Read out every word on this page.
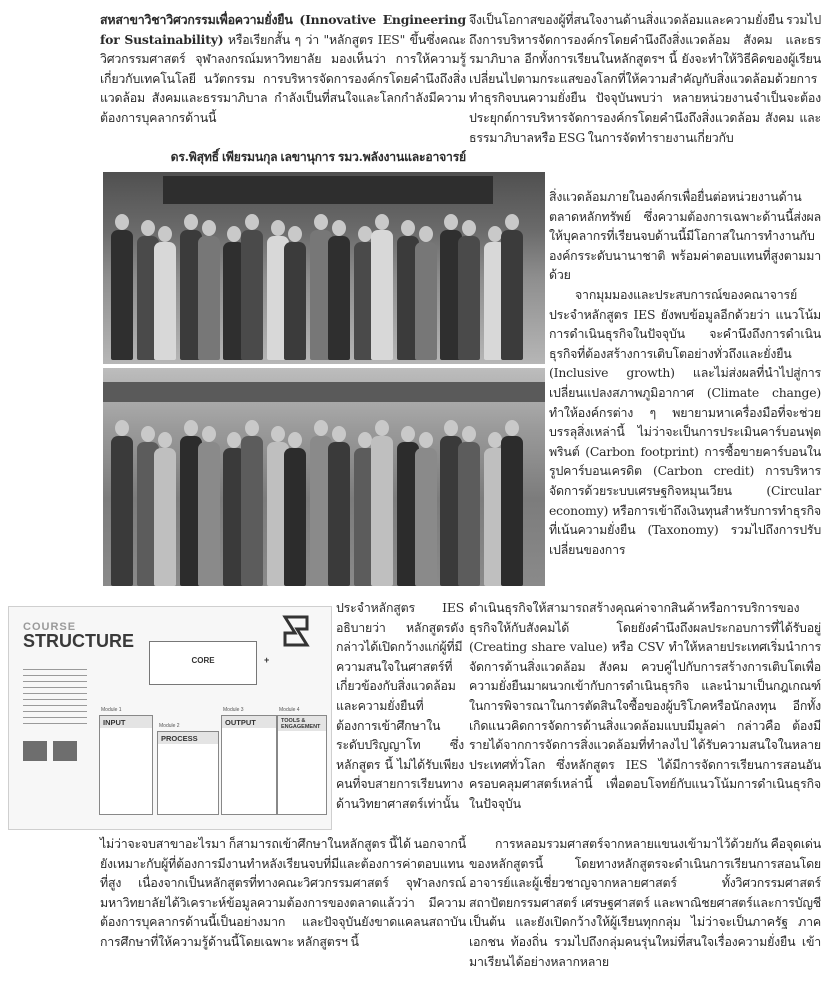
สหสาขาวิชาวิศวกรรมเพื่อความยั่งยืน (Innovative Engineering for Sustainability) หรือเรียกสั้น ๆ ว่า "หลักสูตร IES" ขึ้นซึ่งคณะวิศวกรรมศาสตร์ จุฬาลงกรณ์มหาวิทยาลัย มองเห็นว่า การให้ความรู้เกี่ยวกับเทคโนโลยี นวัตกรรม การบริหารจัดการองค์กรโดยคำนึงถึงสิ่งแวดล้อม สังคมและธรรมาภิบาล กำลังเป็นที่สนใจและโลกกำลังมีความต้องการบุคลากรด้านนี้

ดร.พิสุทธิ์ เพียรมนกุล เลขานุการ รมว.พลังงานและอาจารย์
จึงเป็นโอกาสของผู้ที่สนใจงานด้านสิ่งแวดล้อมและความยั่งยืน รวมไปถึงการบริหารจัดการองค์กรโดยคำนึงถึงสิ่งแวดล้อม สังคม และธรรมาภิบาล อีกทั้งการเรียนในหลักสูตรฯ นี้ ยังจะทำให้วิธีคิดของผู้เรียนเปลี่ยนไปตามกระแสของโลกที่ให้ความสำคัญกับสิ่งแวดล้อมด้วยการทำธุรกิจบนความยั่งยืน ปัจจุบันพบว่า หลายหน่วยงานจำเป็นจะต้องประยุกต์การบริหารจัดการองค์กรโดยคำนึงถึงสิ่งแวดล้อม สังคม และธรรมาภิบาลหรือ ESG ในการจัดทำรายงานเกี่ยวกับ
สิ่งแวดล้อมภายในองค์กรเพื่อยื่นต่อหน่วยงานด้านตลาดหลักทรัพย์ ซึ่งความต้องการเฉพาะด้านนี้ส่งผลให้บุคลากรที่เรียนจบด้านนี้มีโอกาสในการทำงานกับองค์กรระดับนานาชาติ พร้อมค่าตอบแทนที่สูงตามมาด้วย
จากมุมมองและประสบการณ์ของคณาจารย์ประจำหลักสูตร IES ยังพบข้อมูลอีกด้วยว่า แนวโน้มการดำเนินธุรกิจในปัจจุบัน จะคำนึงถึงการดำเนินธุรกิจที่ต้องสร้างการเติบโตอย่างทั่วถึงและยั่งยืน (Inclusive growth) และไม่ส่งผลที่นำไปสู่การเปลี่ยนแปลงสภาพภูมิอากาศ (Climate change) ทำให้องค์กรต่าง ๆ พยายามหาเครื่องมือที่จะช่วยบรรลุสิ่งเหล่านี้ ไม่ว่าจะเป็นการประเมินคาร์บอนฟุตพรินต์ (Carbon footprint) การซื้อขายคาร์บอนในรูปคาร์บอนเครดิต (Carbon credit) การบริหารจัดการด้วยระบบเศรษฐกิจหมุนเวียน (Circular economy) หรือการเข้าถึงเงินทุนสำหรับการทำธุรกิจที่เน้นความยั่งยืน (Taxonomy) รวมไปถึงการปรับเปลี่ยนของการ
COURSE
STRUCTURE
CORE	+
Module 1
INPUT	Module 2
PROCESS
Module 3
OUTPUT
Module 4
TOOLS & ENGAGEMENT
ประจำหลักสูตร IES อธิบายว่า หลักสูตรดังกล่าวได้เปิดกว้างแก่ผู้ที่มีความสนใจในศาสตร์ที่เกี่ยวข้องกับสิ่งแวดล้อมและความยั่งยืนที่ต้องการเข้าศึกษาในระดับปริญญาโท ซึ่งหลักสูตร นี้ ไม่ได้รับเพียงคนที่จบสายการเรียนทางด้านวิทยาศาสตร์เท่านั้น
ดำเนินธุรกิจให้สามารถสร้างคุณค่าจากสินค้าหรือการบริการของธุรกิจให้กับสังคมได้ โดยยังคำนึงถึงผลประกอบการที่ได้รับอยู่ (Creating share value) หรือ CSV ทำให้หลายประเทศเริ่มนำการจัดการด้านสิ่งแวดล้อม สังคม ควบคู่ไปกับการสร้างการเติบโตเพื่อความยั่งยืนมาผนวกเข้ากับการดำเนินธุรกิจ และนำมาเป็นกฎเกณฑ์ในการพิจารณาในการตัดสินใจซื้อของผู้บริโภคหรือนักลงทุน อีกทั้งเกิดแนวคิดการจัดการด้านสิ่งแวดล้อมแบบมีมูลค่า กล่าวคือ ต้องมีรายได้จากการจัดการสิ่งแวดล้อมที่ทำลงไป ได้รับความสนใจในหลายประเทศทั่วโลก ซึ่งหลักสูตร IES ได้มีการจัดการเรียนการสอนอันครอบคลุมศาสตร์เหล่านี้ เพื่อตอบโจทย์กับแนวโน้มการดำเนินธุรกิจในปัจจุบัน
การหลอมรวมศาสตร์จากหลายแขนงเข้ามาไว้ด้วยกัน คือจุดเด่นของหลักสูตรนี้ โดยทางหลักสูตรจะดำเนินการเรียนการสอนโดยอาจารย์และผู้เชี่ยวชาญจากหลายศาสตร์ ทั้งวิศวกรรมศาสตร์ สถาปัตยกรรมศาสตร์ เศรษฐศาสตร์ และพาณิชยศาสตร์และการบัญชี เป็นต้น และยังเปิดกว้างให้ผู้เรียนทุกกลุ่ม ไม่ว่าจะเป็นภาครัฐ ภาคเอกชน ท้องถิ่น รวมไปถึงกลุ่มคนรุ่นใหม่ที่สนใจเรื่องความยั่งยืน เข้ามาเรียนได้อย่างหลากหลาย
ไม่ว่าจะจบสาขาอะไรมา ก็สามารถเข้าศึกษาในหลักสูตร นี้ได้ นอกจากนี้ ยังเหมาะกับผู้ที่ต้องการมีงานทำหลังเรียนจบที่มีและต้องการค่าตอบแทนที่สูง เนื่องจากเป็นหลักสูตรที่ทางคณะวิศวกรรมศาสตร์ จุฬาลงกรณ์มหาวิทยาลัยได้วิเคราะห์ข้อมูลความต้องการของตลาดแล้วว่า มีความต้องการบุคลากรด้านนี้เป็นอย่างมาก และปัจจุบันยังขาดแคลนสถาบันการศึกษาที่ให้ความรู้ด้านนี้โดยเฉพาะ หลักสูตรฯ นี้
